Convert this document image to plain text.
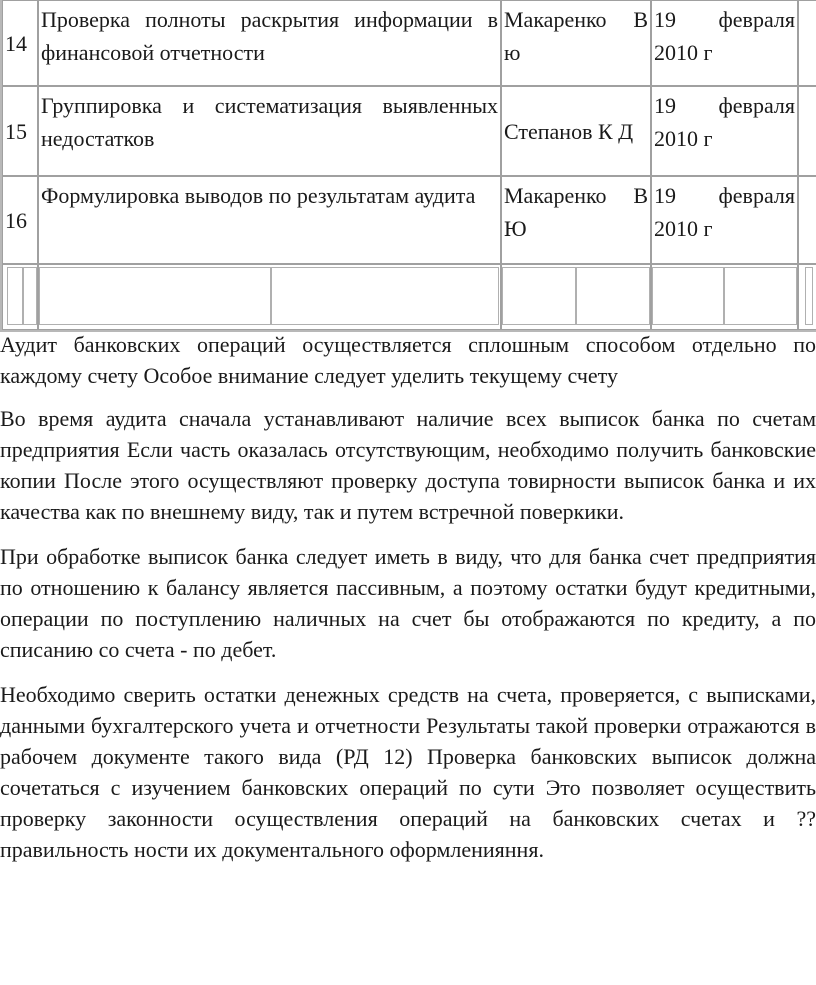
14	Проверка полноты раскрытия информации в финансовой отчетности	Макаренко В ю	19 февраля 2010 г	
15	Группировка и систематизация выявленных недостатков	Степанов К Д	19 февраля 2010 г	
16	Формулировка выводов по результатам аудита	Макаренко В Ю	19 февраля 2010 г	

Аудит банковских операций осуществляется сплошным способом отдельно по каждому счету Особое внимание следует уделить текущему счету

Во время аудита сначала устанавливают наличие всех выписок банка по счетам предприятия Если часть оказалась отсутствующим, необходимо получить банковские копии После этого осуществляют проверку доступа товирности выписок банка и их качества как по внешнему виду, так и путем встречной поверкики.

При обработке выписок банка следует иметь в виду, что для банка счет предприятия по отношению к балансу является пассивным, а поэтому остатки будут кредитными, операции по поступлению наличных на счет бы отображаются по кредиту, а по списанию со счета - по дебет.

Необходимо сверить остатки денежных средств на счета, проверяется, с выписками, данными бухгалтерского учета и отчетности Результаты такой проверки отражаются в рабочем документе такого вида (РД 12) Проверка банковских выписок должна сочетаться с изучением банковских операций по сути Это позволяет осуществить проверку законности осуществления операций на банковских счетах и ??правильность ности их документального оформленияння.
